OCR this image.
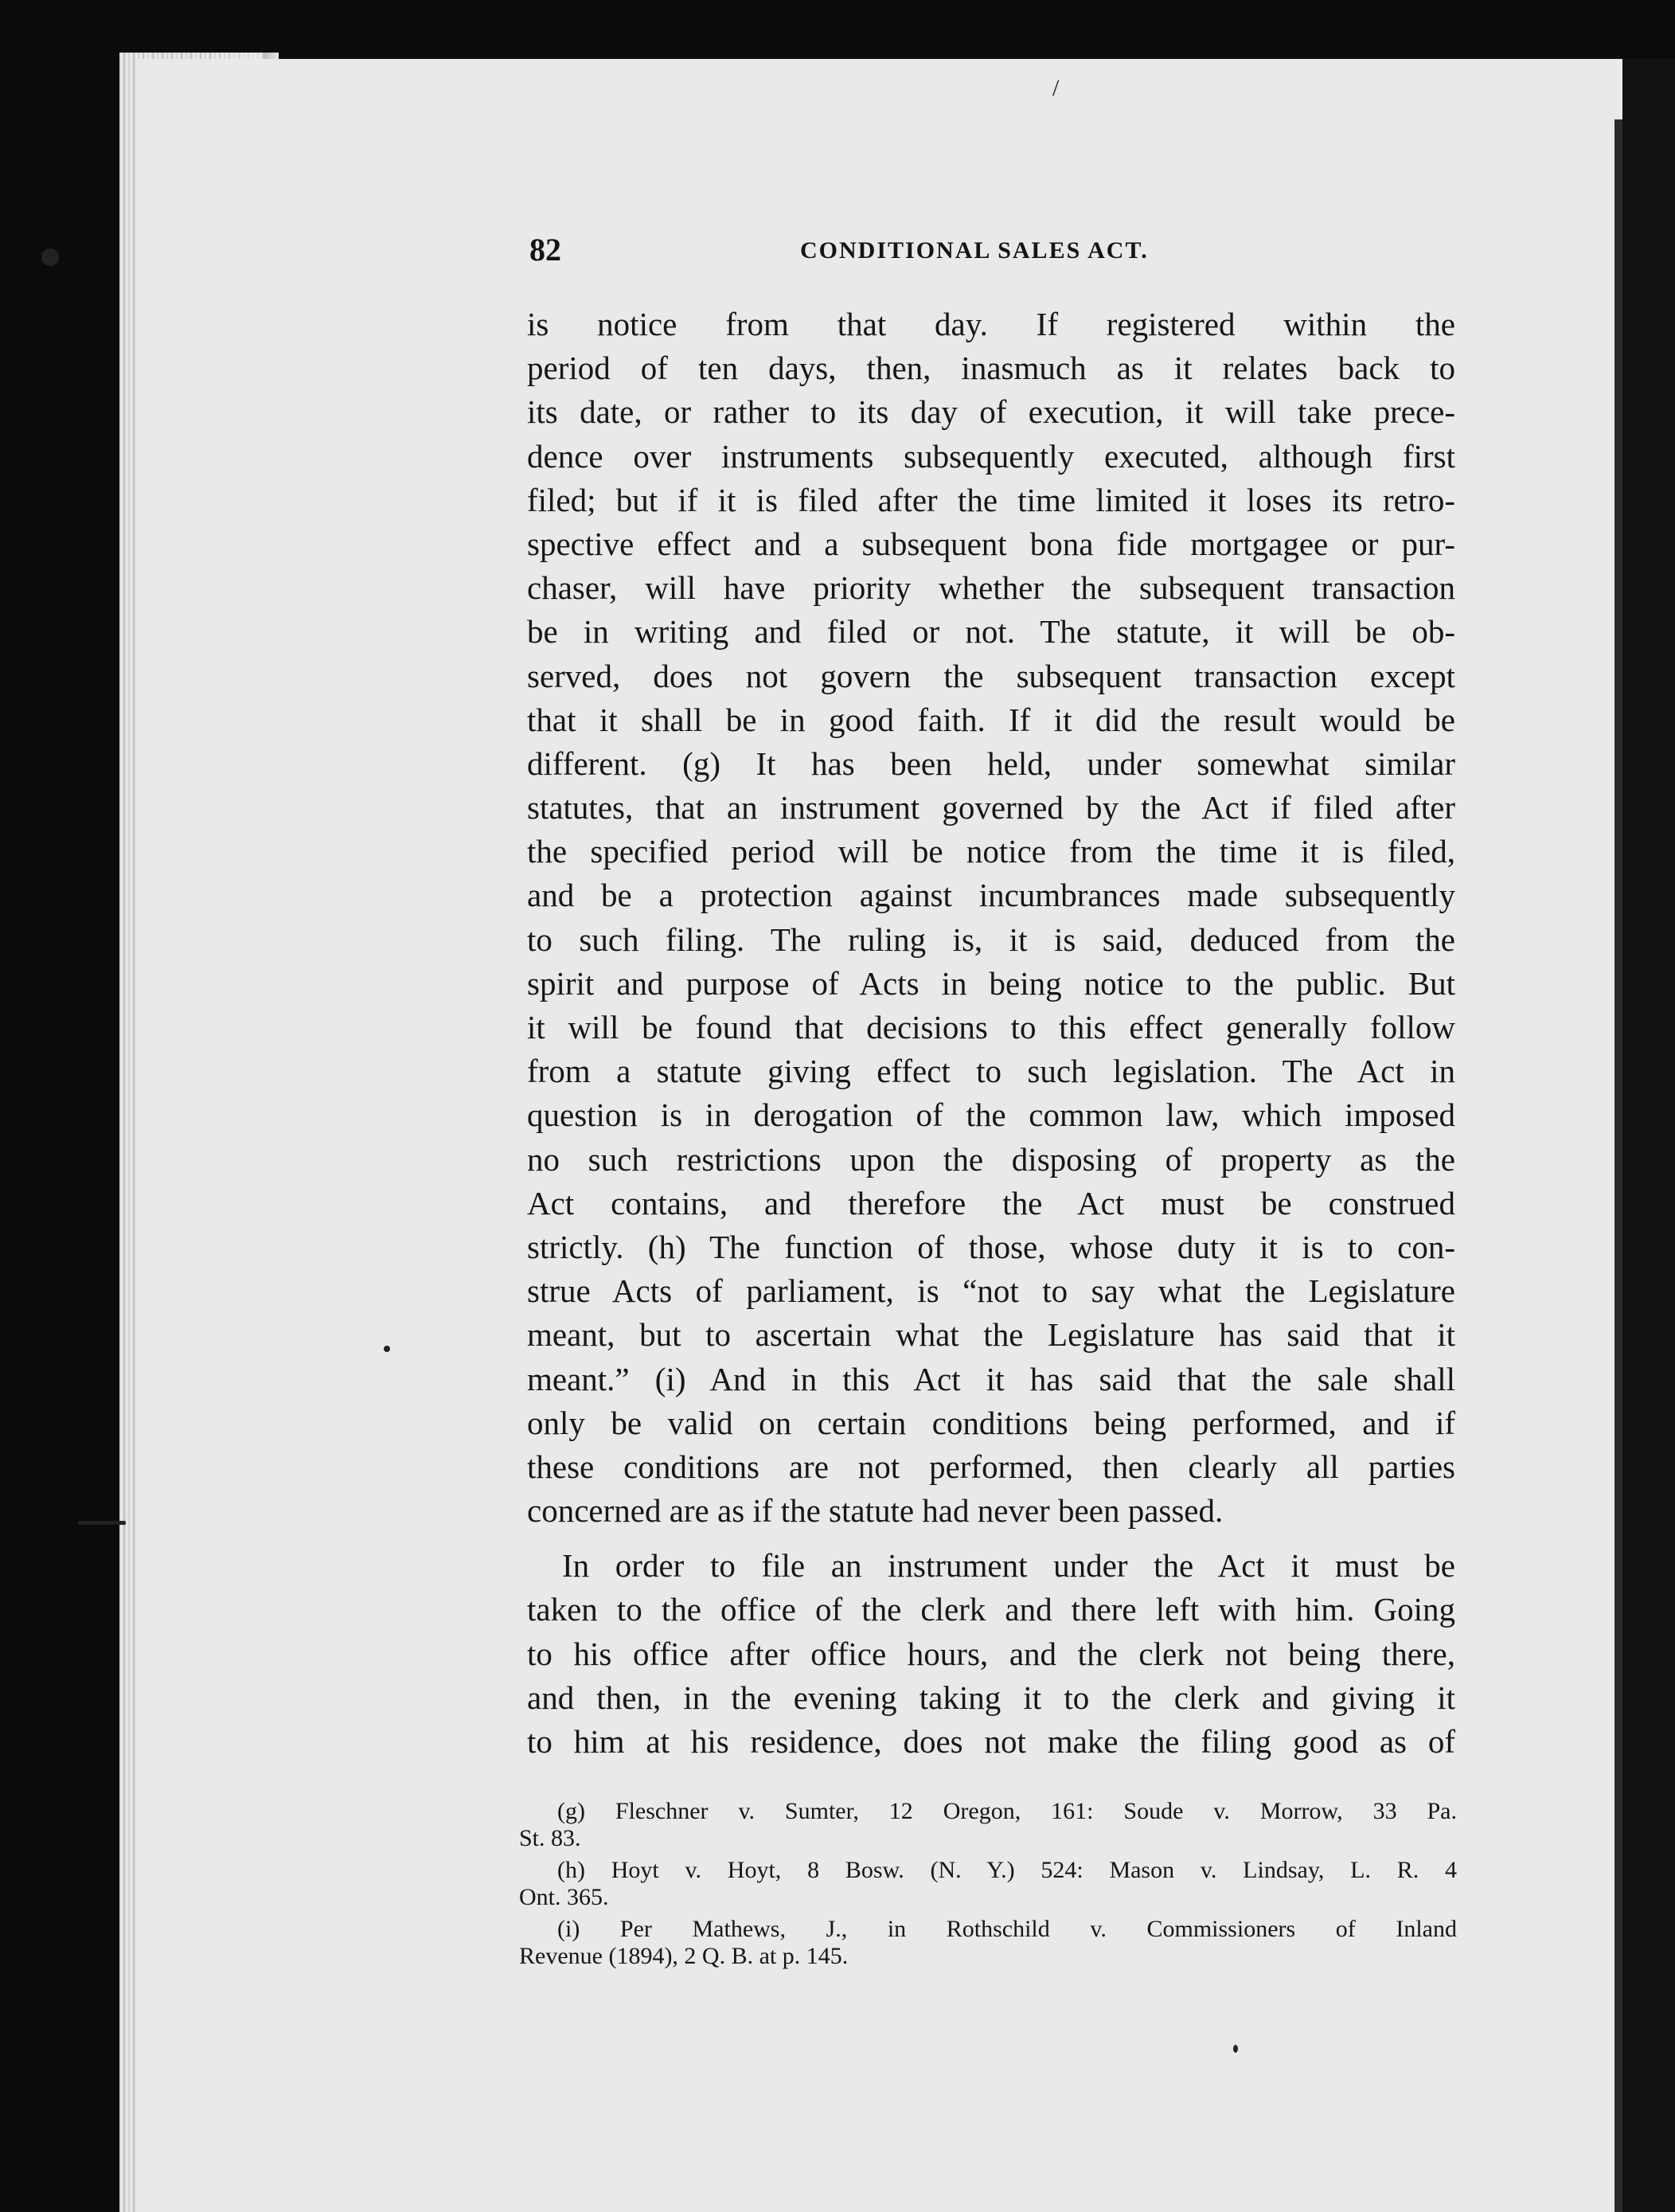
/
82	CONDITIONAL SALES ACT.
is notice from that day. If registered within the
period of ten days, then, inasmuch as it relates back to
its date, or rather to its day of execution, it will take prece-
dence over instruments subsequently executed, although first
filed; but if it is filed after the time limited it loses its retro-
spective effect and a subsequent bona fide mortgagee or pur-
chaser, will have priority whether the subsequent transaction
be in writing and filed or not. The statute, it will be ob-
served, does not govern the subsequent transaction except
that it shall be in good faith. If it did the result would be
different. (g) It has been held, under somewhat similar
statutes, that an instrument governed by the Act if filed after
the specified period will be notice from the time it is filed,
and be a protection against incumbrances made subsequently
to such filing. The ruling is, it is said, deduced from the
spirit and purpose of Acts in being notice to the public. But
it will be found that decisions to this effect generally follow
from a statute giving effect to such legislation. The Act in
question is in derogation of the common law, which imposed
no such restrictions upon the disposing of property as the
Act contains, and therefore the Act must be construed
strictly. (h) The function of those, whose duty it is to con-
strue Acts of parliament, is “not to say what the Legislature
meant, but to ascertain what the Legislature has said that it
meant.” (i) And in this Act it has said that the sale shall
only be valid on certain conditions being performed, and if
these conditions are not performed, then clearly all parties
concerned are as if the statute had never been passed.
In order to file an instrument under the Act it must be
taken to the office of the clerk and there left with him. Going
to his office after office hours, and the clerk not being there,
and then, in the evening taking it to the clerk and giving it
to him at his residence, does not make the filing good as of
(g) Fleschner v. Sumter, 12 Oregon, 161: Soude v. Morrow, 33 Pa.
St. 83.
(h) Hoyt v. Hoyt, 8 Bosw. (N. Y.) 524: Mason v. Lindsay, L. R. 4
Ont. 365.
(i) Per Mathews, J., in Rothschild v. Commissioners of Inland
Revenue (1894), 2 Q. B. at p. 145.
